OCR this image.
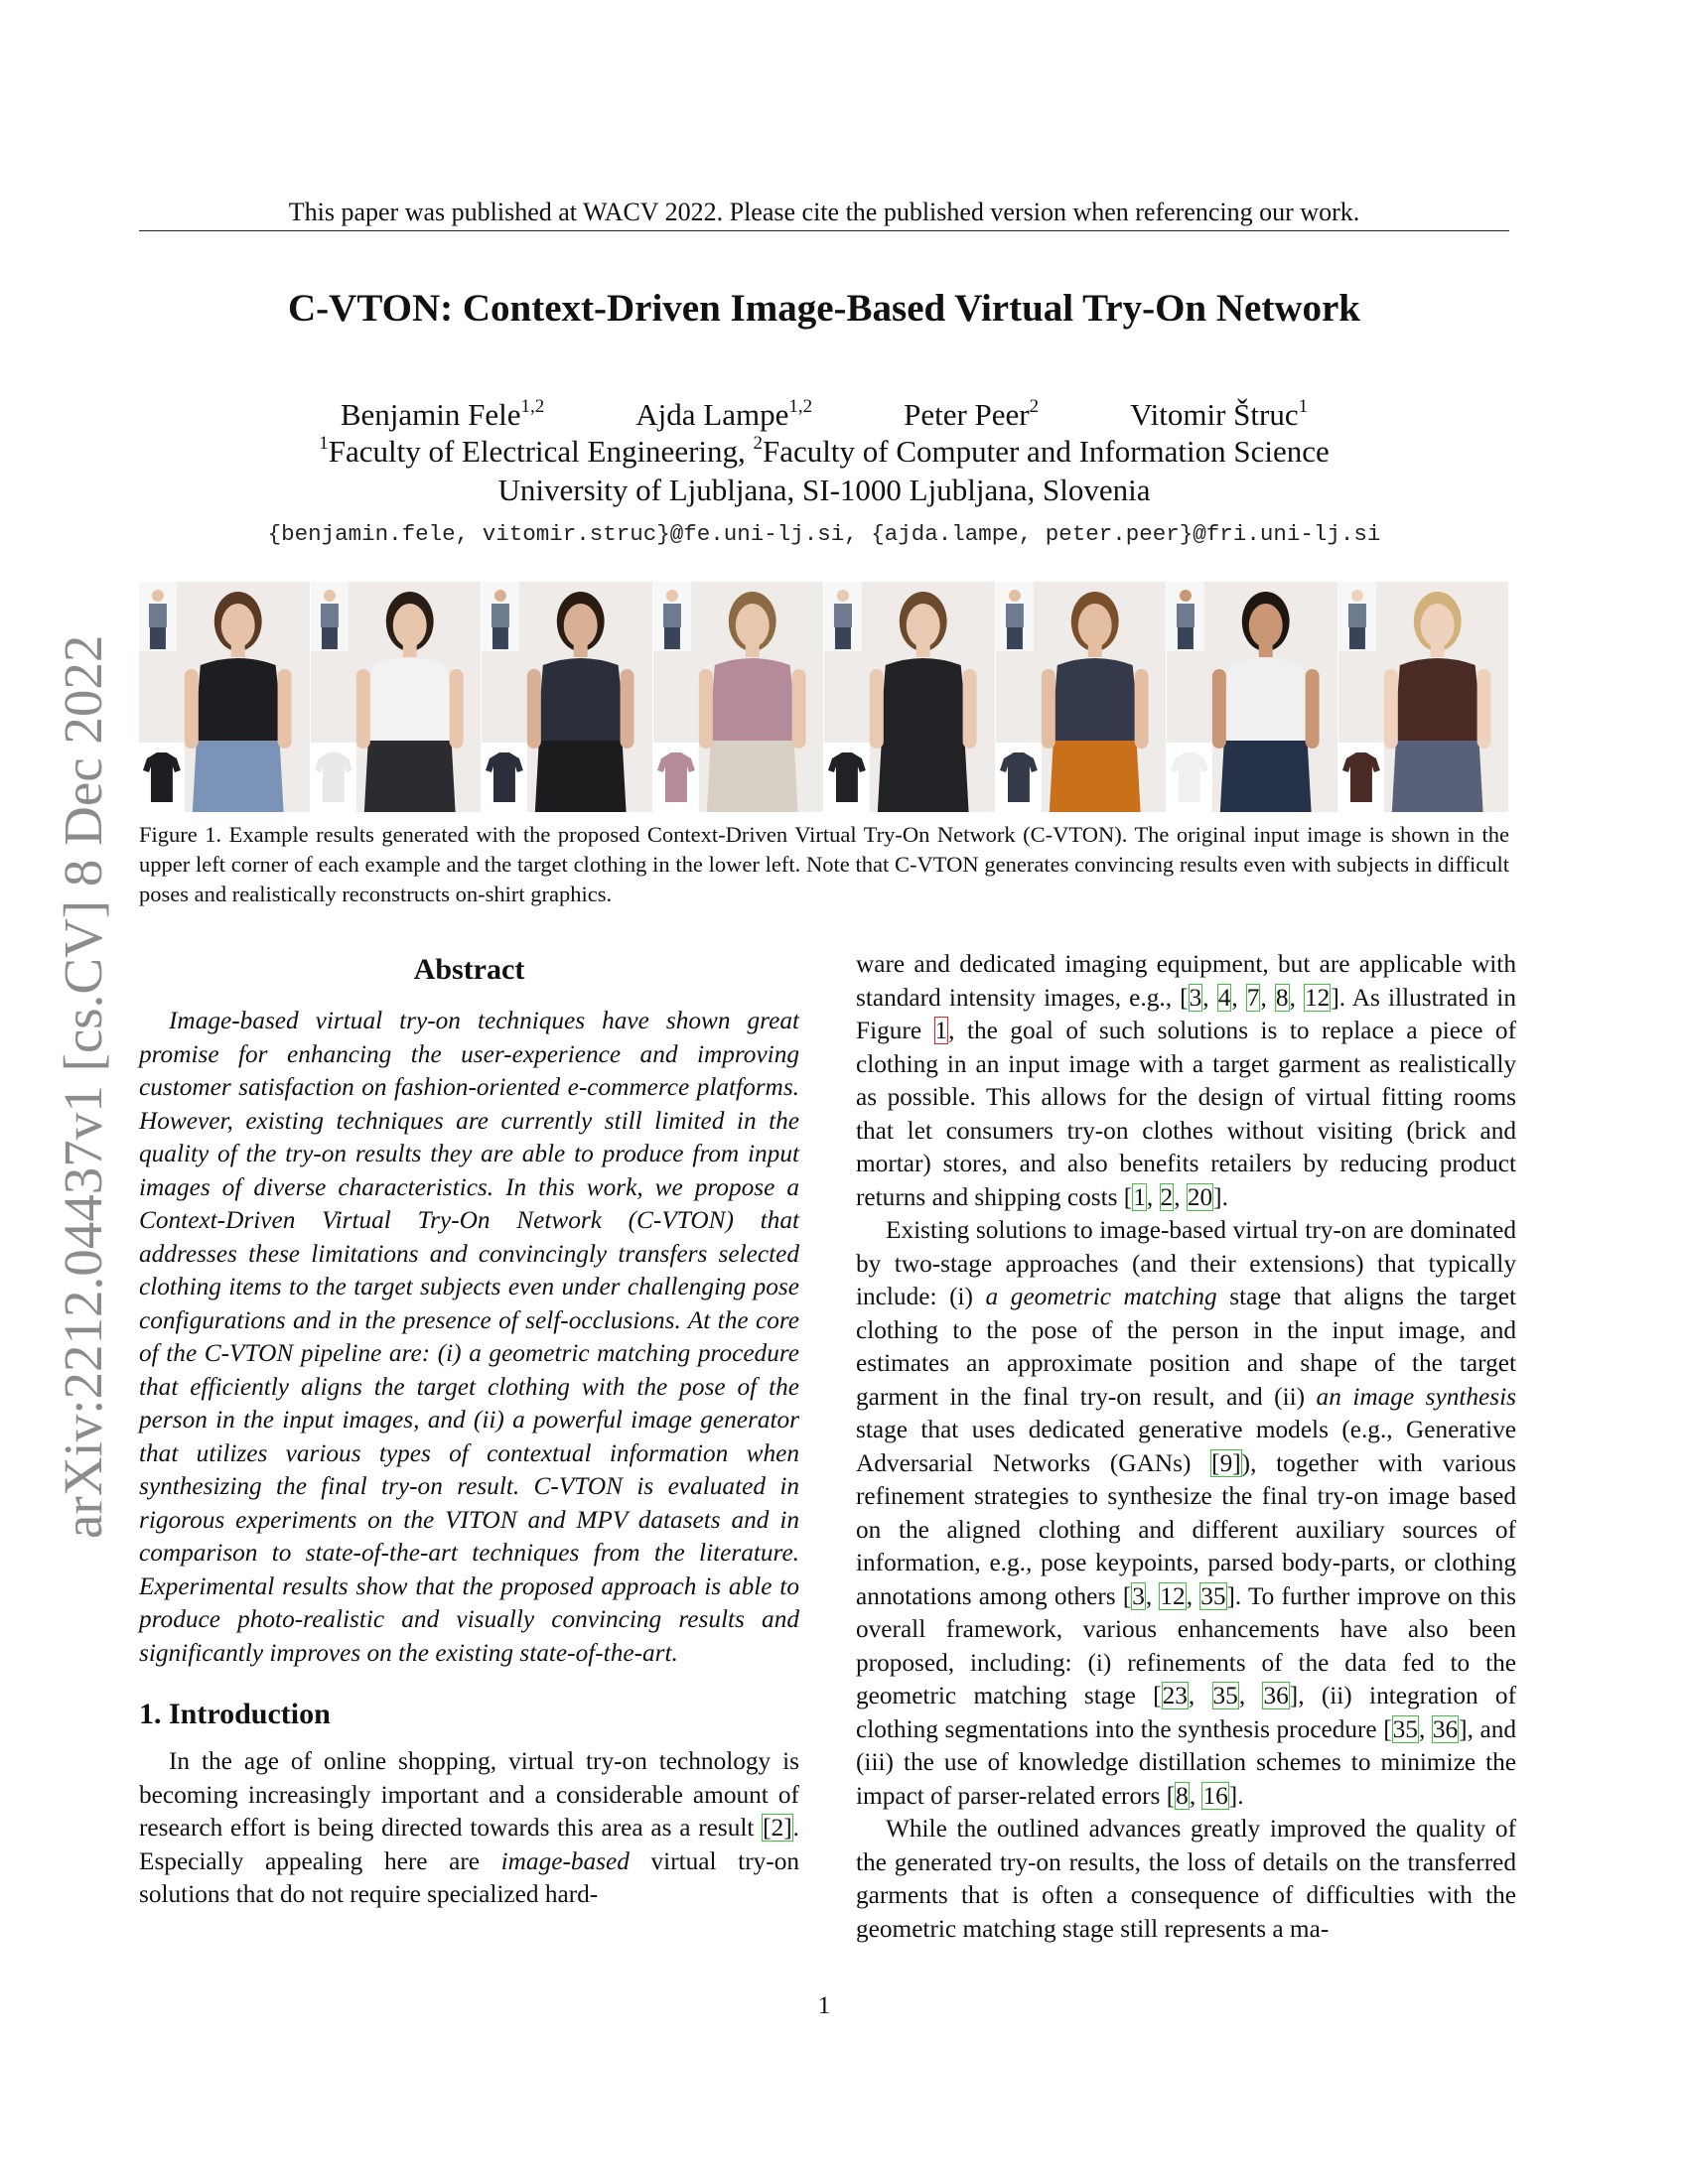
This paper was published at WACV 2022. Please cite the published version when referencing our work.
arXiv:2212.04437v1 [cs.CV] 8 Dec 2022
C-VTON: Context-Driven Image-Based Virtual Try-On Network
Benjamin Fele$^{1,2}$	Ajda Lampe$^{1,2}$	Peter Peer$^2$	Vitomir Štruc$^1$
$^1$Faculty of Electrical Engineering, $^2$Faculty of Computer and Information Science
University of Ljubljana, SI-1000 Ljubljana, Slovenia
{benjamin.fele, vitomir.struc}@fe.uni-lj.si, {ajda.lampe, peter.peer}@fri.uni-lj.si
Figure 1. Example results generated with the proposed Context-Driven Virtual Try-On Network (C-VTON). The original input image is shown in the upper left corner of each example and the target clothing in the lower left. Note that C-VTON generates convincing results even with subjects in difficult poses and realistically reconstructs on-shirt graphics.
Abstract

Image-based virtual try-on techniques have shown great promise for enhancing the user-experience and improving customer satisfaction on fashion-oriented e-commerce platforms. However, existing techniques are currently still limited in the quality of the try-on results they are able to produce from input images of diverse characteristics. In this work, we propose a Context-Driven Virtual Try-On Network (C-VTON) that addresses these limitations and convincingly transfers selected clothing items to the target subjects even under challenging pose configurations and in the presence of self-occlusions. At the core of the C-VTON pipeline are: (i) a geometric matching procedure that efficiently aligns the target clothing with the pose of the person in the input images, and (ii) a powerful image generator that utilizes various types of contextual information when synthesizing the final try-on result. C-VTON is evaluated in rigorous experiments on the VITON and MPV datasets and in comparison to state-of-the-art techniques from the literature. Experimental results show that the proposed approach is able to produce photo-realistic and visually convincing results and significantly improves on the existing state-of-the-art.

1. Introduction

In the age of online shopping, virtual try-on technology is becoming increasingly important and a considerable amount of research effort is being directed towards this area as a result [2]. Especially appealing here are image-based virtual try-on solutions that do not require specialized hard-

ware and dedicated imaging equipment, but are applicable with standard intensity images, e.g., [3, 4, 7, 8, 12]. As illustrated in Figure 1, the goal of such solutions is to replace a piece of clothing in an input image with a target garment as realistically as possible. This allows for the design of virtual fitting rooms that let consumers try-on clothes without visiting (brick and mortar) stores, and also benefits retailers by reducing product returns and shipping costs [1, 2, 20].

Existing solutions to image-based virtual try-on are dominated by two-stage approaches (and their extensions) that typically include: (i) a geometric matching stage that aligns the target clothing to the pose of the person in the input image, and estimates an approximate position and shape of the target garment in the final try-on result, and (ii) an image synthesis stage that uses dedicated generative models (e.g., Generative Adversarial Networks (GANs) [9]), together with various refinement strategies to synthesize the final try-on image based on the aligned clothing and different auxiliary sources of information, e.g., pose keypoints, parsed body-parts, or clothing annotations among others [3, 12, 35]. To further improve on this overall framework, various enhancements have also been proposed, including: (i) refinements of the data fed to the geometric matching stage [23, 35, 36], (ii) integration of clothing segmentations into the synthesis procedure [35, 36], and (iii) the use of knowledge distillation schemes to minimize the impact of parser-related errors [8, 16].

While the outlined advances greatly improved the quality of the generated try-on results, the loss of details on the transferred garments that is often a consequence of difficulties with the geometric matching stage still represents a ma-

1
